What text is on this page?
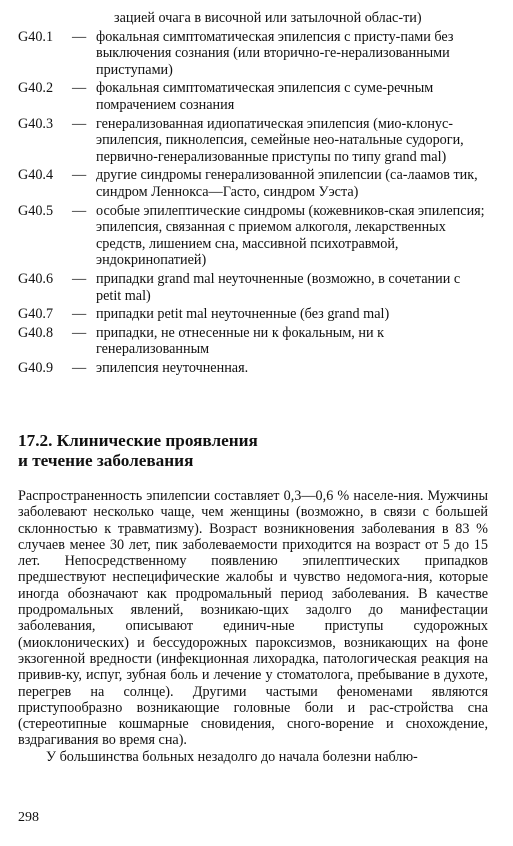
зацией очага в височной или затылочной облас-ти)
G40.1	— фокальная симптоматическая эпилепсия с присту-пами без выключения сознания (или вторично-ге-нерализованными приступами)
G40.2	— фокальная симптоматическая эпилепсия с суме-речным помрачением сознания
G40.3	— генерализованная идиопатическая эпилепсия (мио-клонус-эпилепсия, пикнолепсия, семейные нео-натальные судороги, первично-генерализованные приступы по типу grand mal)
G40.4	— другие синдромы генерализованной эпилепсии (са-лаамов тик, синдром Леннокса—Гасто, синдром Уэста)
G40.5	— особые эпилептические синдромы (кожевников-ская эпилепсия; эпилепсия, связанная с приемом алкоголя, лекарственных средств, лишением сна, массивной психотравмой, эндокринопатией)
G40.6	— припадки grand mal неуточненные (возможно, в сочетании с petit mal)
G40.7	— припадки petit mal неуточненные (без grand mal)
G40.8	— припадки, не отнесенные ни к фокальным, ни к генерализованным
G40.9	— эпилепсия неуточненная.
17.2. Клинические проявления
и течение заболевания

Распространенность эпилепсии составляет 0,3—0,6 % населе-ния. Мужчины заболевают несколько чаще, чем женщины (возможно, в связи с большей склонностью к травматизму). Возраст возникновения заболевания в 83 % случаев менее 30 лет, пик заболеваемости приходится на возраст от 5 до 15 лет. Непосредственному появлению эпилептических припадков предшествуют неспецифические жалобы и чувство недомога-ния, которые иногда обозначают как продромальный период заболевания. В качестве продромальных явлений, возникаю-щих задолго до манифестации заболевания, описывают единич-ные приступы судорожных (миоклонических) и бессудорожных пароксизмов, возникающих на фоне экзогенной вредности (инфекционная лихорадка, патологическая реакция на привив-ку, испуг, зубная боль и лечение у стоматолога, пребывание в духоте, перегрев на солнце). Другими частыми феноменами являются приступообразно возникающие головные боли и рас-стройства сна (стереотипные кошмарные сновидения, сного-ворение и снохождение, вздрагивания во время сна).

У большинства больных незадолго до начала болезни наблю-

298
